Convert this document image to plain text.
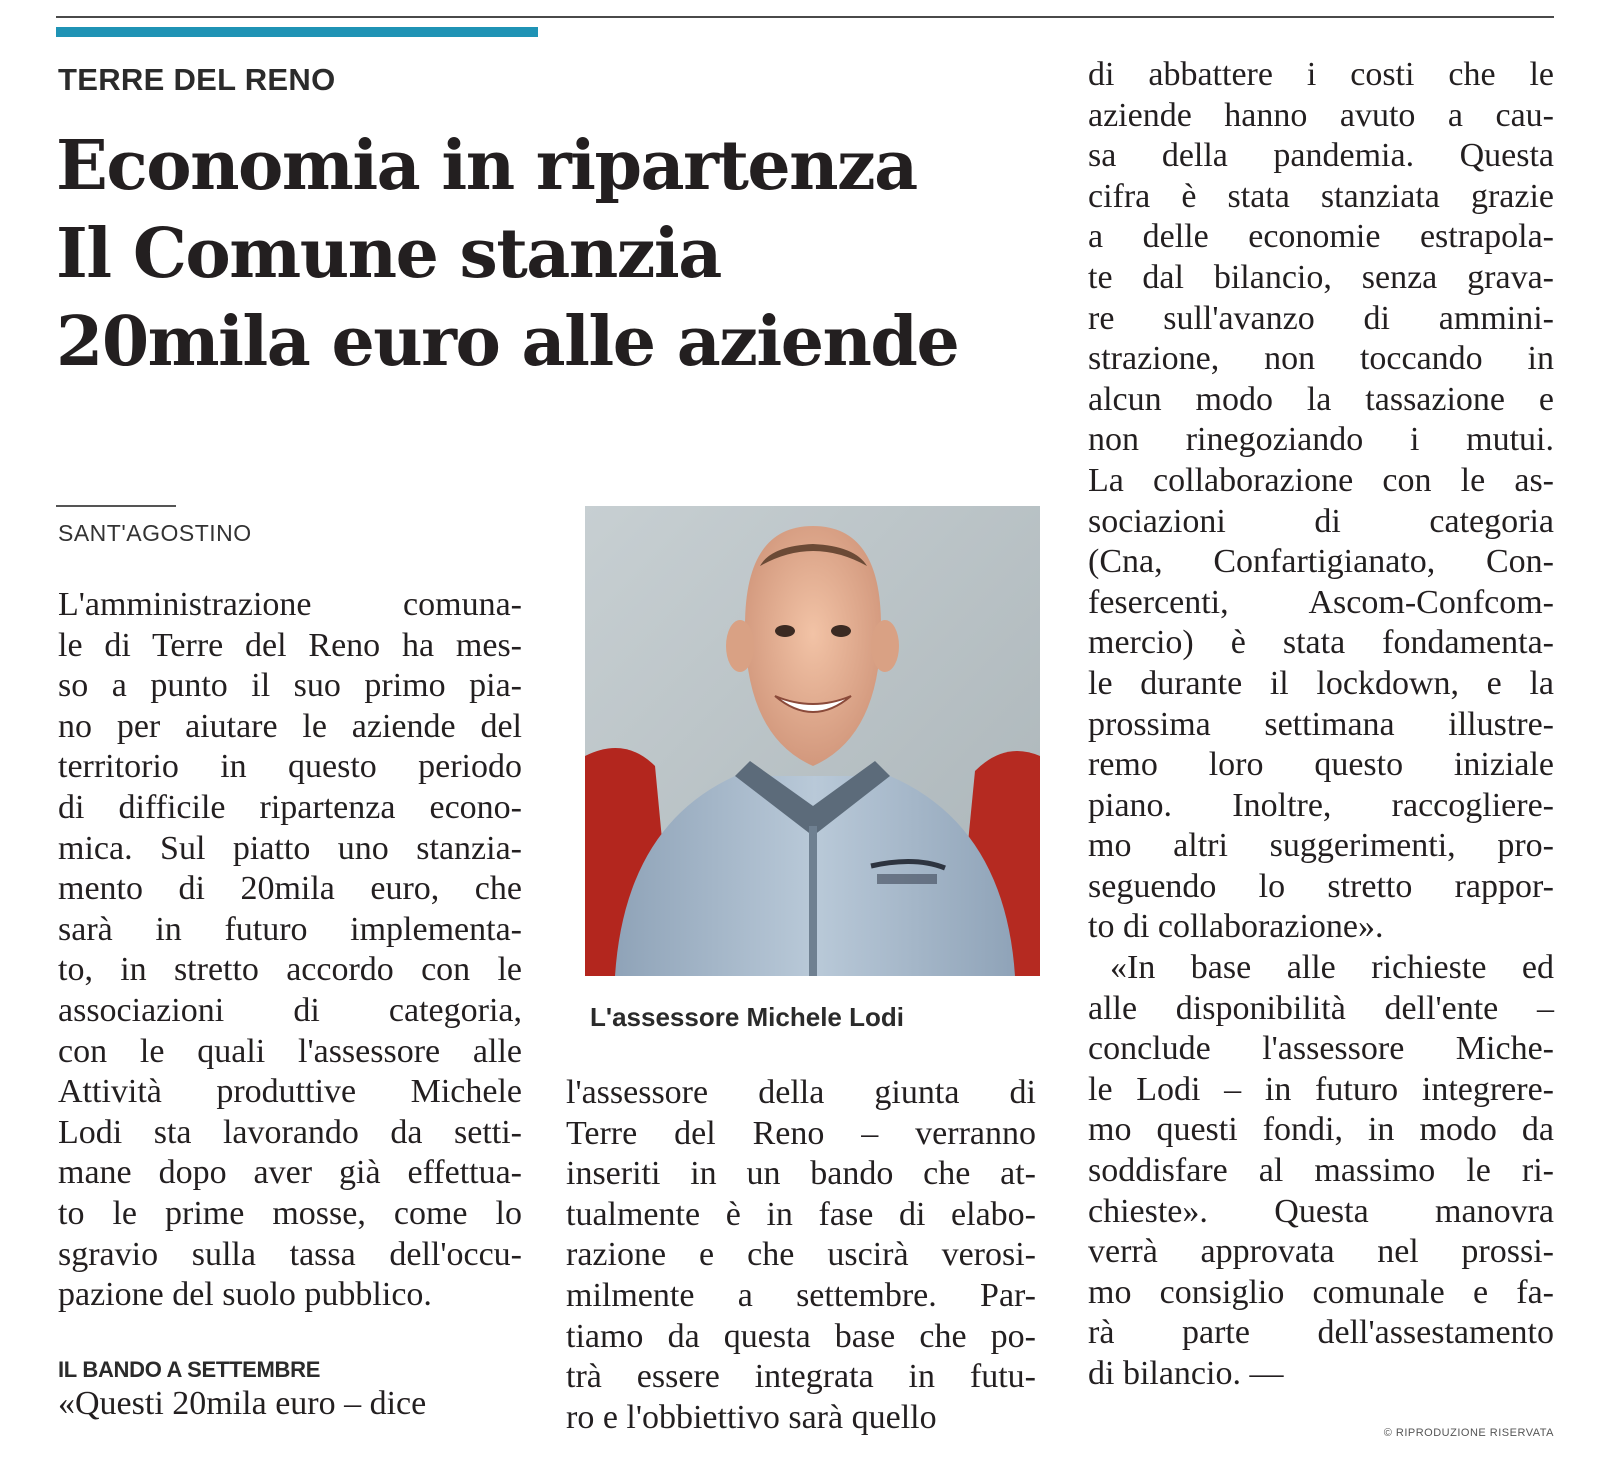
TERRE DEL RENO
Economia in ripartenza
Il Comune stanzia
20mila euro alle aziende
SANT'AGOSTINO

L'amministrazione comuna-
le di Terre del Reno ha mes-
so a punto il suo primo pia-
no per aiutare le aziende del
territorio in questo periodo
di difficile ripartenza econo-
mica. Sul piatto uno stanzia-
mento di 20mila euro, che
sarà in futuro implementa-
to, in stretto accordo con le
associazioni di categoria,
con le quali l'assessore alle
Attività produttive Michele
Lodi sta lavorando da setti-
mane dopo aver già effettua-
to le prime mosse, come lo
sgravio sulla tassa dell'occu-
pazione del suolo pubblico.

IL BANDO A SETTEMBRE

«Questi 20mila euro – dice

L'assessore Michele Lodi

l'assessore della giunta di
Terre del Reno – verranno
inseriti in un bando che at-
tualmente è in fase di elabo-
razione e che uscirà verosi-
milmente a settembre. Par-
tiamo da questa base che po-
trà essere integrata in futu-
ro e l'obbiettivo sarà quello

di abbattere i costi che le
aziende hanno avuto a cau-
sa della pandemia. Questa
cifra è stata stanziata grazie
a delle economie estrapola-
te dal bilancio, senza grava-
re sull'avanzo di ammini-
strazione, non toccando in
alcun modo la tassazione e
non rinegoziando i mutui.
La collaborazione con le as-
sociazioni di categoria
(Cna, Confartigianato, Con-
fesercenti, Ascom-Confcom-
mercio) è stata fondamenta-
le durante il lockdown, e la
prossima settimana illustre-
remo loro questo iniziale
piano. Inoltre, raccogliere-
mo altri suggerimenti, pro-
seguendo lo stretto rappor-
to di collaborazione».

«In base alle richieste ed
alle disponibilità dell'ente –
conclude l'assessore Miche-
le Lodi – in futuro integrere-
mo questi fondi, in modo da
soddisfare al massimo le ri-
chieste». Questa manovra
verrà approvata nel prossi-
mo consiglio comunale e fa-
rà parte dell'assestamento
di bilancio. —

© RIPRODUZIONE RISERVATA
